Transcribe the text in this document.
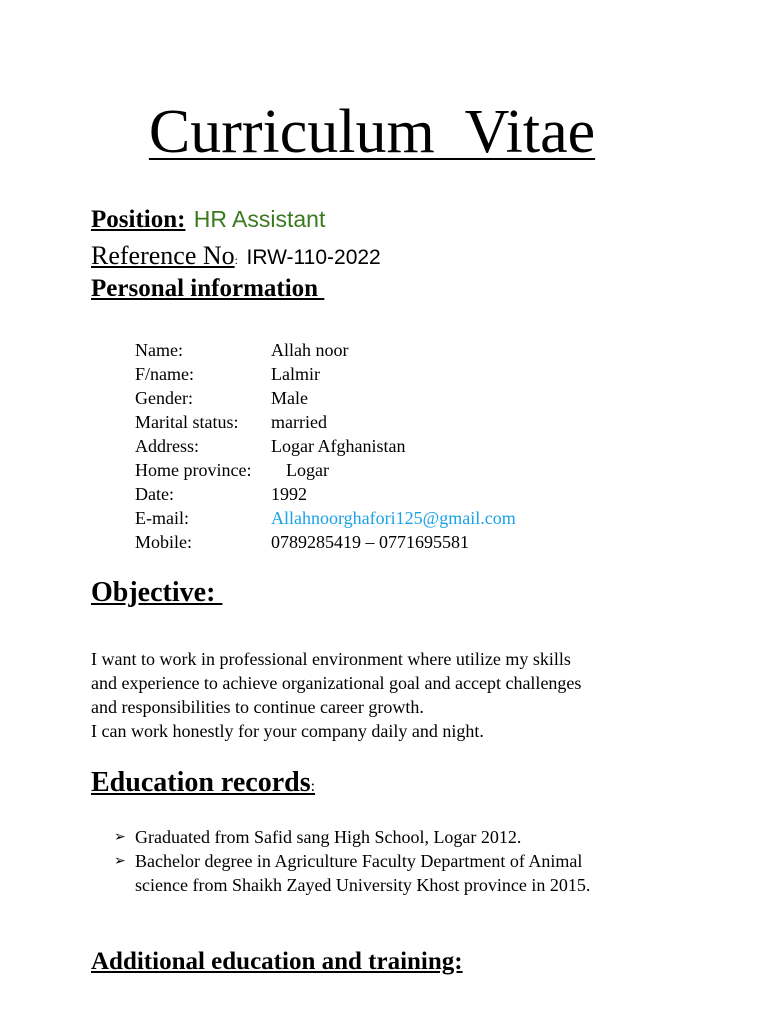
Curriculum  Vitae
Position: HR Assistant
Reference No: IRW-110-2022
Personal information
Name:	Allah noor
F/name:	Lalmir
Gender:	Male
Marital status: married
Address:	Logar Afghanistan
Home province: Logar
Date:	1992
E-mail:	Allahnoorghafori125@gmail.com
Mobile:	0789285419 – 0771695581
Objective:
I want to work in professional environment where utilize my skills
and experience to achieve organizational goal and accept challenges
and responsibilities to continue career growth.
I can work honestly for your company daily and night.
Education records:
➢ Graduated from Safid sang High School, Logar 2012.
➢ Bachelor degree in Agriculture Faculty Department of Animal
science from Shaikh Zayed University Khost province in 2015.
Additional education and training:
